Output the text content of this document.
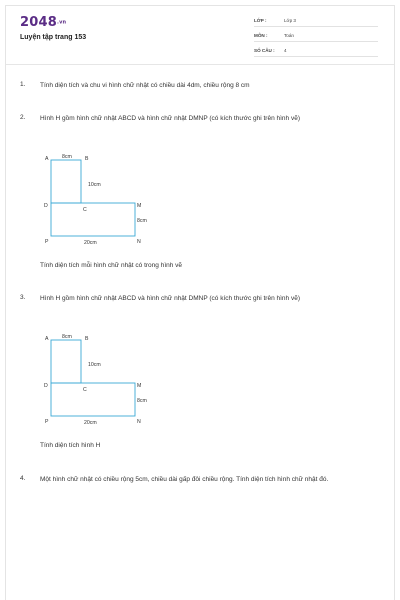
2048.vn
Luyện tập trang 153
LỚP :	Lớp 3
MÔN :	Toán
SỐ CÂU : 4
1. Tính diện tích và chu vi hình chữ nhật có chiều dài 4dm, chiều rộng 8 cm
2. Hình H gồm hình chữ nhật ABCD và hình chữ nhật DMNP (có kích thước ghi trên hình vẽ)
A	8cm	B
10cm
D
C
M
8cm
P	20cm	N
Tính diện tích mỗi hình chữ nhật có trong hình vẽ
3. Hình H gồm hình chữ nhật ABCD và hình chữ nhật DMNP (có kích thước ghi trên hình vẽ)
A	8cm	B
10cm
D
C
M
8cm
P	20cm	N
Tính diện tích hình H
4. Một hình chữ nhật có chiều rộng 5cm, chiều dài gấp đôi chiều rộng. Tính diện tích hình chữ nhật đó.
